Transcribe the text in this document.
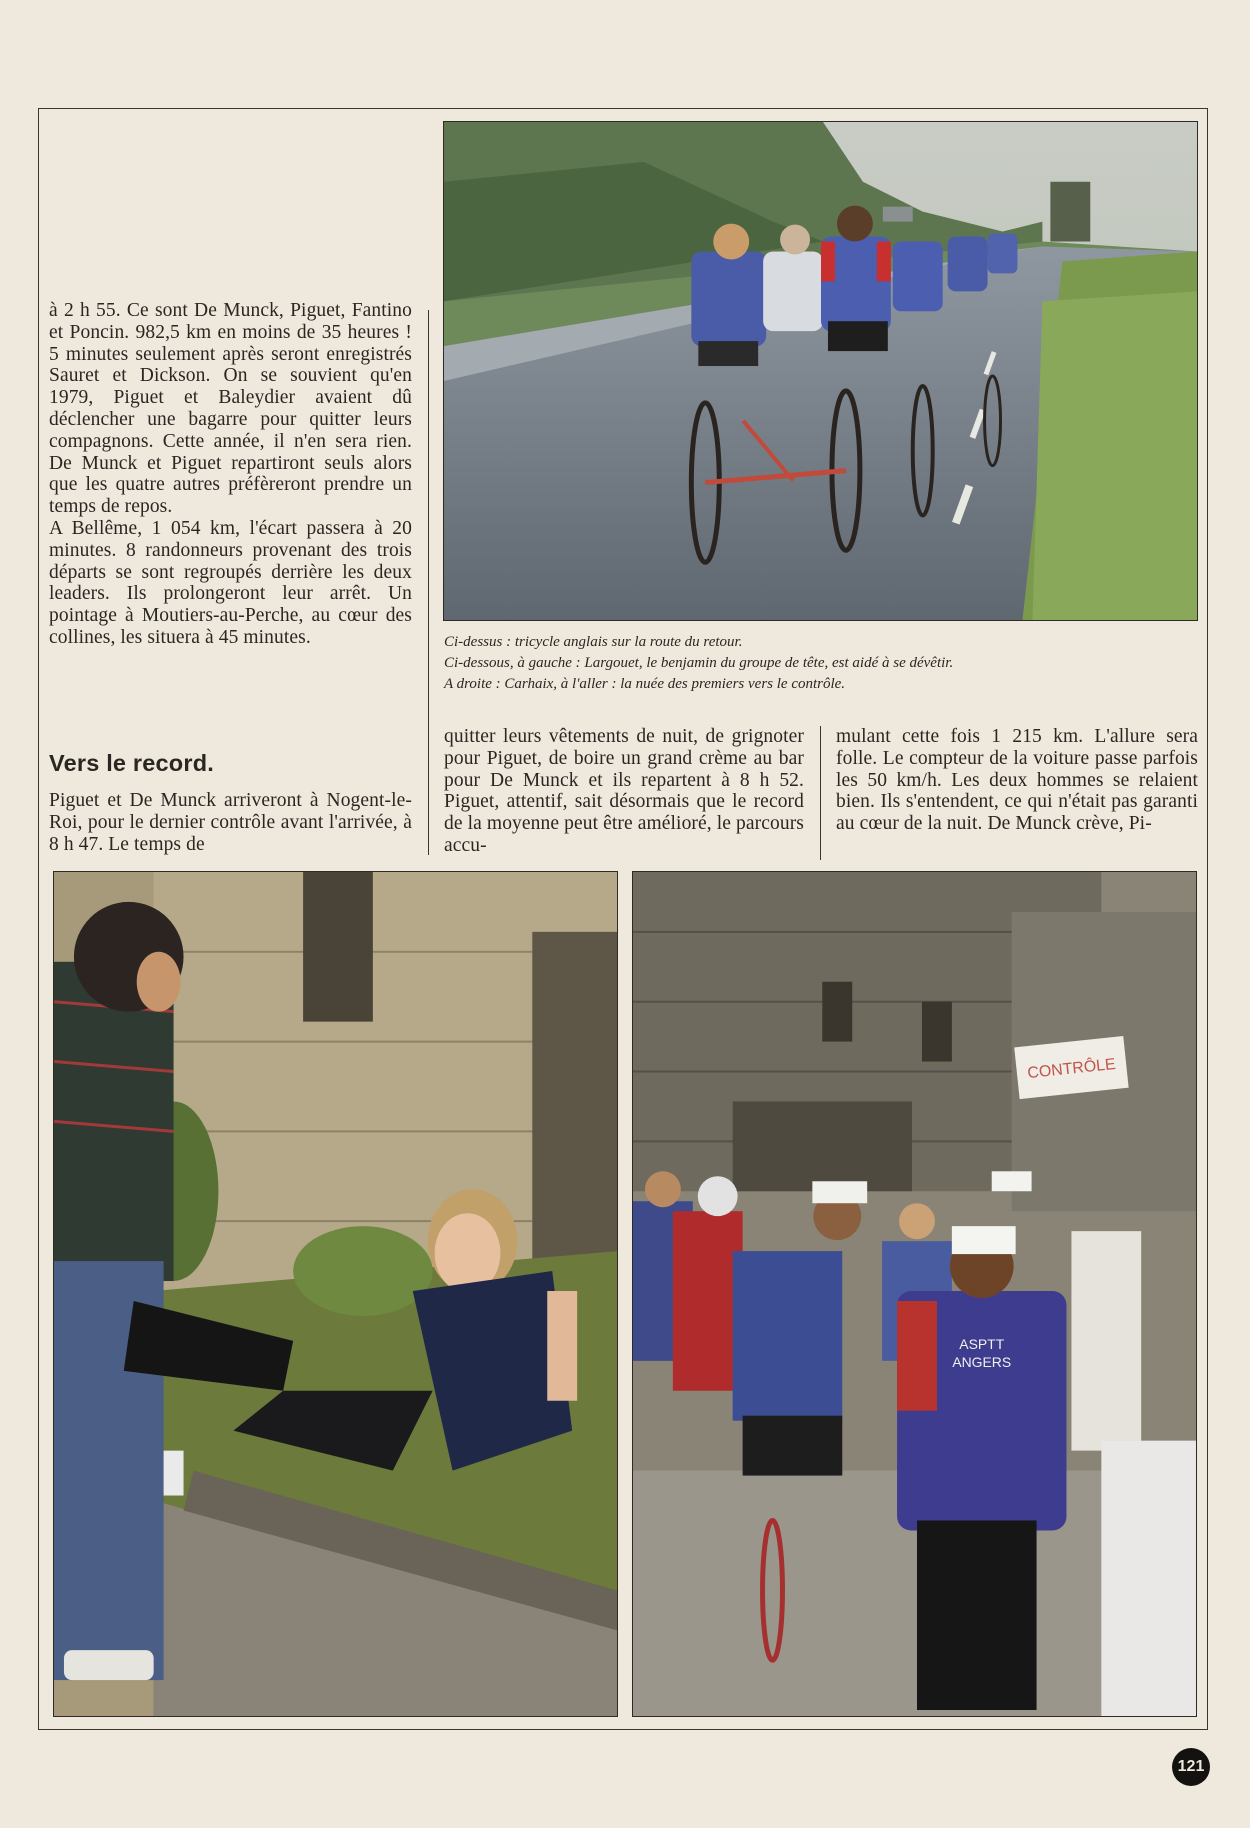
CONTRÔLE
ASPTT
ANGERS

à 2 h 55. Ce sont De Munck, Piguet, Fantino et Poncin. 982,5 km en moins de 35 heures ! 5 minutes seulement après seront enregistrés Sauret et Dickson. On se souvient qu'en 1979, Piguet et Baleydier avaient dû déclencher une bagarre pour quitter leurs compagnons. Cette année, il n'en sera rien. De Munck et Piguet repartiront seuls alors que les quatre autres préfèreront prendre un temps de repos.

A Bellême, 1 054 km, l'écart passera à 20 minutes. 8 randonneurs provenant des trois départs se sont regroupés derrière les deux leaders. Ils prolongeront leur arrêt. Un pointage à Moutiers-au-Perche, au cœur des collines, les situera à 45 minutes.

Vers le record.

Piguet et De Munck arriveront à Nogent-le-Roi, pour le dernier contrôle avant l'arrivée, à 8 h 47. Le temps de

Ci-dessus : tricycle anglais sur la route du retour.

Ci-dessous, à gauche : Largouet, le benjamin du groupe de tête, est aidé à se dévêtir.

A droite : Carhaix, à l'aller : la nuée des premiers vers le contrôle.

quitter leurs vêtements de nuit, de grignoter pour Piguet, de boire un grand crème au bar pour De Munck et ils repartent à 8 h 52. Piguet, attentif, sait désormais que le record de la moyenne peut être amélioré, le parcours accu-

mulant cette fois 1 215 km. L'allure sera folle. Le compteur de la voiture passe parfois les 50 km/h. Les deux hommes se relaient bien. Ils s'entendent, ce qui n'était pas garanti au cœur de la nuit. De Munck crève, Pi-

121
